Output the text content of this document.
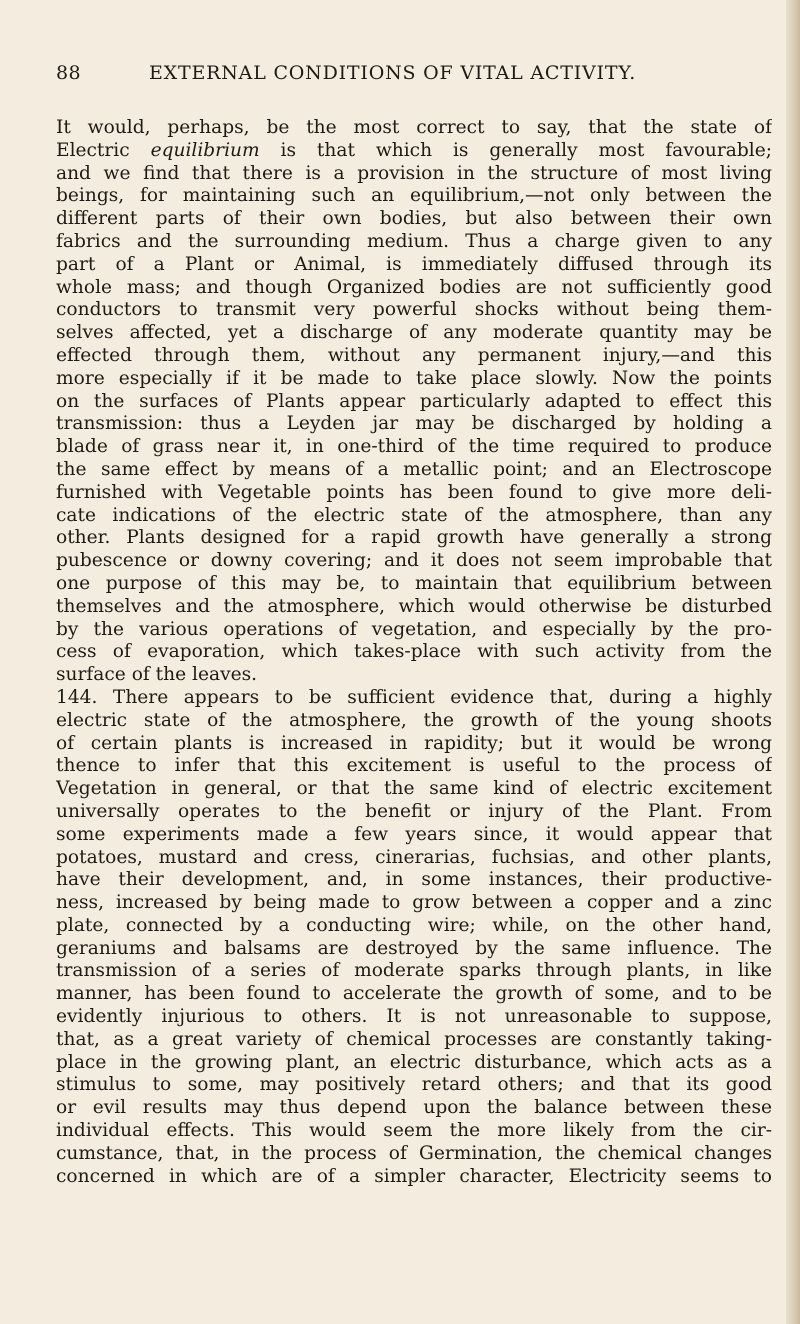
88	EXTERNAL CONDITIONS OF VITAL ACTIVITY.
It would, perhaps, be the most correct to say, that the state of
Electric equilibrium is that which is generally most favourable;
and we find that there is a provision in the structure of most living
beings, for maintaining such an equilibrium,—not only between the
different parts of their own bodies, but also between their own
fabrics and the surrounding medium. Thus a charge given to any
part of a Plant or Animal, is immediately diffused through its
whole mass; and though Organized bodies are not sufficiently good
conductors to transmit very powerful shocks without being them-
selves affected, yet a discharge of any moderate quantity may be
effected through them, without any permanent injury,—and this
more especially if it be made to take place slowly. Now the points
on the surfaces of Plants appear particularly adapted to effect this
transmission: thus a Leyden jar may be discharged by holding a
blade of grass near it, in one-third of the time required to produce
the same effect by means of a metallic point; and an Electroscope
furnished with Vegetable points has been found to give more deli-
cate indications of the electric state of the atmosphere, than any
other. Plants designed for a rapid growth have generally a strong
pubescence or downy covering; and it does not seem improbable that
one purpose of this may be, to maintain that equilibrium between
themselves and the atmosphere, which would otherwise be disturbed
by the various operations of vegetation, and especially by the pro-
cess of evaporation, which takes-place with such activity from the
surface of the leaves.
144. There appears to be sufficient evidence that, during a highly
electric state of the atmosphere, the growth of the young shoots
of certain plants is increased in rapidity; but it would be wrong
thence to infer that this excitement is useful to the process of
Vegetation in general, or that the same kind of electric excitement
universally operates to the benefit or injury of the Plant. From
some experiments made a few years since, it would appear that
potatoes, mustard and cress, cinerarias, fuchsias, and other plants,
have their development, and, in some instances, their productive-
ness, increased by being made to grow between a copper and a zinc
plate, connected by a conducting wire; while, on the other hand,
geraniums and balsams are destroyed by the same influence. The
transmission of a series of moderate sparks through plants, in like
manner, has been found to accelerate the growth of some, and to be
evidently injurious to others. It is not unreasonable to suppose,
that, as a great variety of chemical processes are constantly taking-
place in the growing plant, an electric disturbance, which acts as a
stimulus to some, may positively retard others; and that its good
or evil results may thus depend upon the balance between these
individual effects. This would seem the more likely from the cir-
cumstance, that, in the process of Germination, the chemical changes
concerned in which are of a simpler character, Electricity seems to
